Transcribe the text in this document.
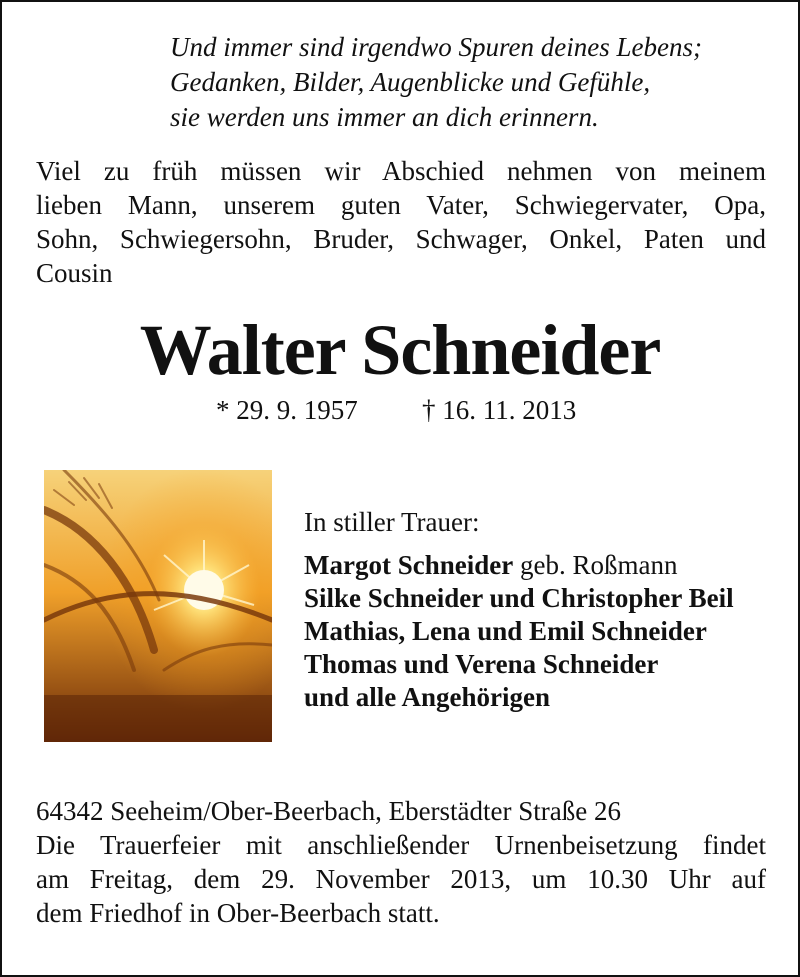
Und immer sind irgendwo Spuren deines Lebens;
Gedanken, Bilder, Augenblicke und Gefühle,
sie werden uns immer an dich erinnern.
Viel zu früh müssen wir Abschied nehmen von meinem
lieben Mann, unserem guten Vater, Schwiegervater, Opa,
Sohn, Schwiegersohn, Bruder, Schwager, Onkel, Paten und
Cousin
Walter Schneider
* 29. 9. 1957 † 16. 11. 2013
In stiller Trauer:
Margot Schneider geb. Roßmann
Silke Schneider und Christopher Beil
Mathias, Lena und Emil Schneider
Thomas und Verena Schneider
und alle Angehörigen
64342 Seeheim/Ober-Beerbach, Eberstädter Straße 26
Die Trauerfeier mit anschließender Urnenbeisetzung findet
am Freitag, dem 29. November 2013, um 10.30 Uhr auf
dem Friedhof in Ober-Beerbach statt.
